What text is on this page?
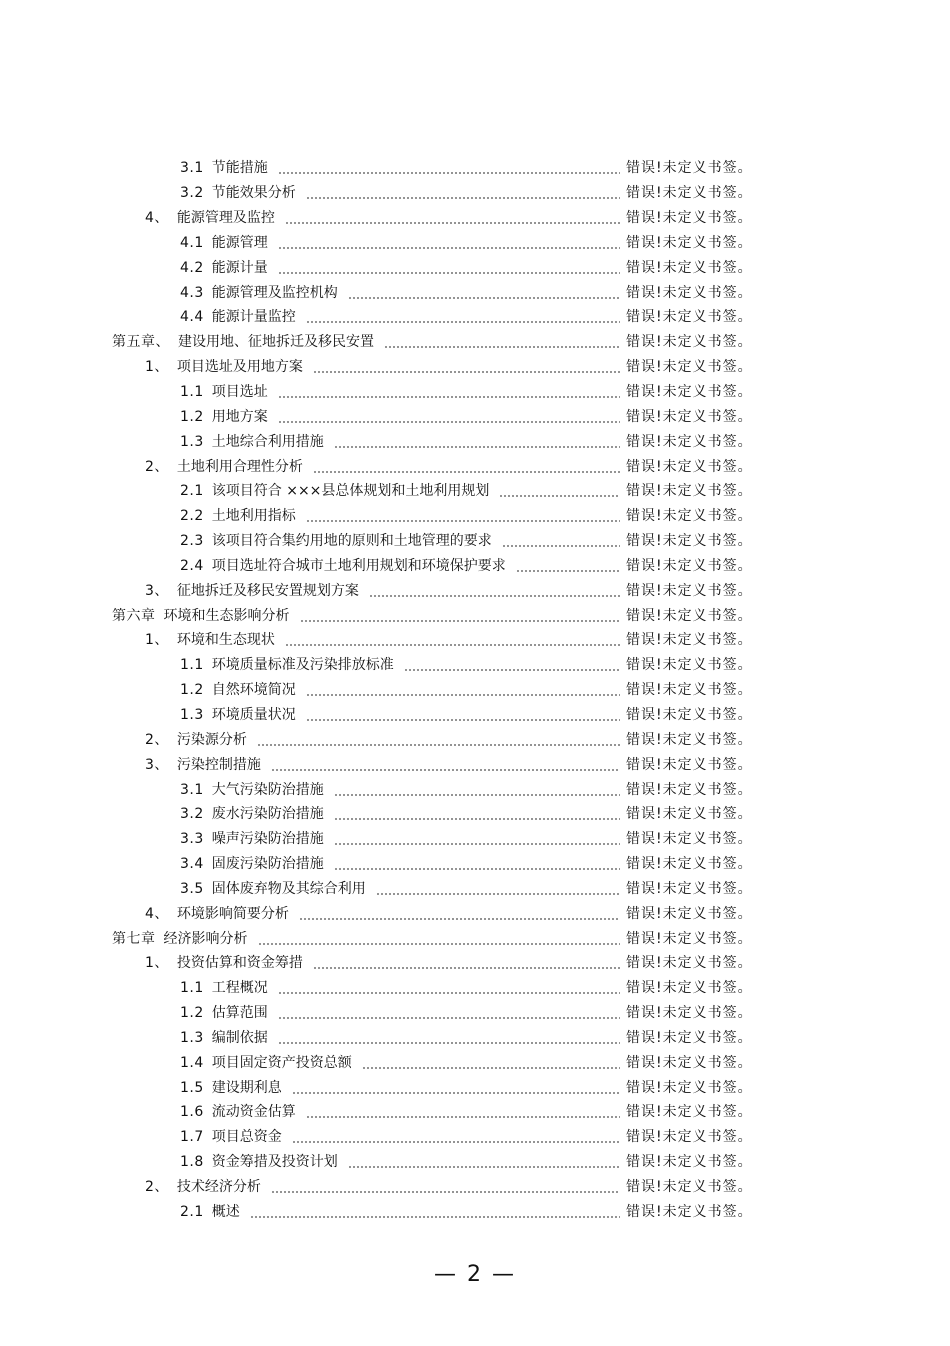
3.1 节能措施	错误!未定义书签。
3.2 节能效果分析	错误!未定义书签。
4、 能源管理及监控	错误!未定义书签。
4.1 能源管理	错误!未定义书签。
4.2 能源计量	错误!未定义书签。
4.3 能源管理及监控机构	错误!未定义书签。
4.4 能源计量监控	错误!未定义书签。
第五章、 建设用地、征地拆迁及移民安置	错误!未定义书签。
1、 项目选址及用地方案	错误!未定义书签。
1.1 项目选址	错误!未定义书签。
1.2 用地方案	错误!未定义书签。
1.3 土地综合利用措施	错误!未定义书签。
2、 土地利用合理性分析	错误!未定义书签。
2.1 该项目符合 ×××县总体规划和土地利用规划	错误!未定义书签。
2.2 土地利用指标	错误!未定义书签。
2.3 该项目符合集约用地的原则和土地管理的要求	错误!未定义书签。
2.4 项目选址符合城市土地利用规划和环境保护要求	错误!未定义书签。
3、 征地拆迁及移民安置规划方案	错误!未定义书签。
第六章 环境和生态影响分析	错误!未定义书签。
1、 环境和生态现状	错误!未定义书签。
1.1 环境质量标准及污染排放标准	错误!未定义书签。
1.2 自然环境简况	错误!未定义书签。
1.3 环境质量状况	错误!未定义书签。
2、 污染源分析	错误!未定义书签。
3、 污染控制措施	错误!未定义书签。
3.1 大气污染防治措施	错误!未定义书签。
3.2 废水污染防治措施	错误!未定义书签。
3.3 噪声污染防治措施	错误!未定义书签。
3.4 固废污染防治措施	错误!未定义书签。
3.5 固体废弃物及其综合利用	错误!未定义书签。
4、 环境影响简要分析	错误!未定义书签。
第七章 经济影响分析	错误!未定义书签。
1、 投资估算和资金筹措	错误!未定义书签。
1.1 工程概况	错误!未定义书签。
1.2 估算范围	错误!未定义书签。
1.3 编制依据	错误!未定义书签。
1.4 项目固定资产投资总额	错误!未定义书签。
1.5 建设期利息	错误!未定义书签。
1.6 流动资金估算	错误!未定义书签。
1.7 项目总资金	错误!未定义书签。
1.8 资金筹措及投资计划	错误!未定义书签。
2、 技术经济分析	错误!未定义书签。
2.1 概述	错误!未定义书签。
— 2 —
